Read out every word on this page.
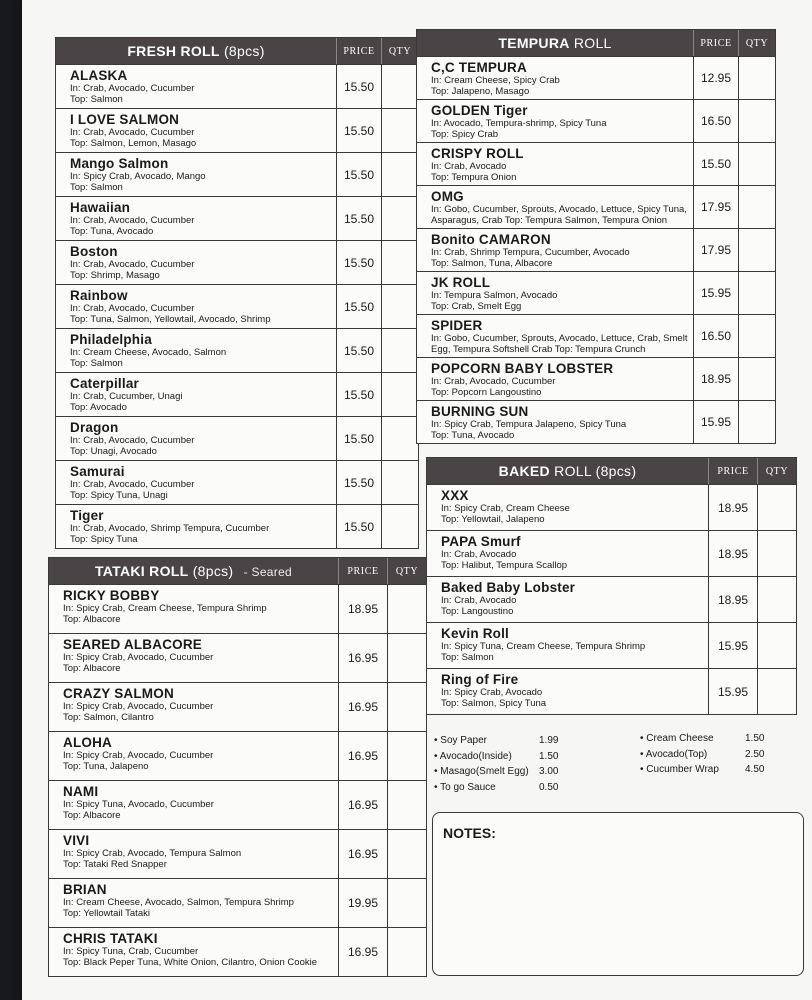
FRESH ROLL (8pcs)	PRICE	QTY
ALASKA
In: Crab, Avocado, Cucumber
Top: Salmon
15.50
I LOVE SALMON
In: Crab, Avocado, Cucumber
Top: Salmon, Lemon, Masago
15.50
Mango Salmon
In: Spicy Crab, Avocado, Mango
Top: Salmon
15.50
Hawaiian
In: Crab, Avocado, Cucumber
Top: Tuna, Avocado
15.50
Boston
In: Crab, Avocado, Cucumber
Top: Shrimp, Masago
15.50
Rainbow
In: Crab, Avocado, Cucumber
Top: Tuna, Salmon, Yellowtail, Avocado, Shrimp
15.50
Philadelphia
In: Cream Cheese, Avocado, Salmon
Top: Salmon
15.50
Caterpillar
In: Crab, Cucumber, Unagi
Top: Avocado
15.50
Dragon
In: Crab, Avocado, Cucumber
Top: Unagi, Avocado
15.50
Samurai
In: Crab, Avocado, Cucumber
Top: Spicy Tuna, Unagi
15.50
Tiger
In: Crab, Avocado, Shrimp Tempura, Cucumber
Top: Spicy Tuna
15.50
TATAKI ROLL (8pcs) - Seared	PRICE	QTY
RICKY BOBBY
In: Spicy Crab, Cream Cheese, Tempura Shrimp
Top: Albacore
18.95
SEARED ALBACORE
In: Spicy Crab, Avocado, Cucumber
Top: Albacore
16.95
CRAZY SALMON
In: Spicy Crab, Avocado, Cucumber
Top: Salmon, Cilantro
16.95
ALOHA
In: Spicy Crab, Avocado, Cucumber
Top: Tuna, Jalapeno
16.95
NAMI
In: Spicy Tuna, Avocado, Cucumber
Top: Albacore
16.95
VIVI
In: Spicy Crab, Avocado, Tempura Salmon
Top: Tataki Red Snapper
16.95
BRIAN
In: Cream Cheese, Avocado, Salmon, Tempura Shrimp
Top: Yellowtail Tataki
19.95
CHRIS TATAKI
In: Spicy Tuna, Crab, Cucumber
Top: Black Peper Tuna, White Onion, Cilantro, Onion Cookie
16.95
TEMPURA ROLL	PRICE	QTY
C,C TEMPURA
In: Cream Cheese, Spicy Crab
Top: Jalapeno, Masago
12.95
GOLDEN Tiger
In: Avocado, Tempura-shrimp, Spicy Tuna
Top: Spicy Crab
16.50
CRISPY ROLL
In: Crab, Avocado
Top: Tempura Onion
15.50
OMG
In: Gobo, Cucumber, Sprouts, Avocado, Lettuce, Spicy Tuna,
Asparagus, Crab Top: Tempura Salmon, Tempura Onion
17.95
Bonito CAMARON
In: Crab, Shrimp Tempura, Cucumber, Avocado
Top: Salmon, Tuna, Albacore
17.95
JK ROLL
In: Tempura Salmon, Avocado
Top: Crab, Smelt Egg
15.95
SPIDER
In: Gobo, Cucumber, Sprouts, Avocado, Lettuce, Crab, Smelt
Egg, Tempura Softshell Crab Top: Tempura Crunch
16.50
POPCORN BABY LOBSTER
In: Crab, Avocado, Cucumber
Top: Popcorn Langoustino
18.95
BURNING SUN
In: Spicy Crab, Tempura Jalapeno, Spicy Tuna
Top: Tuna, Avocado
15.95
BAKED ROLL (8pcs)	PRICE	QTY
XXX
In: Spicy Crab, Cream Cheese
Top: Yellowtail, Jalapeno
18.95
PAPA Smurf
In: Crab, Avocado
Top: Halibut, Tempura Scallop
18.95
Baked Baby Lobster
In: Crab, Avocado
Top: Langoustino
18.95
Kevin Roll
In: Spicy Tuna, Cream Cheese, Tempura Shrimp
Top: Salmon
15.95
Ring of Fire
In: Spicy Crab, Avocado
Top: Salmon, Spicy Tuna
15.95
• Soy Paper	1.99
• Avocado(Inside)	1.50
• Masago(Smelt Egg)	3.00
• To go Sauce	0.50
• Cream Cheese	1.50
• Avocado(Top)	2.50
• Cucumber Wrap	4.50
NOTES:
